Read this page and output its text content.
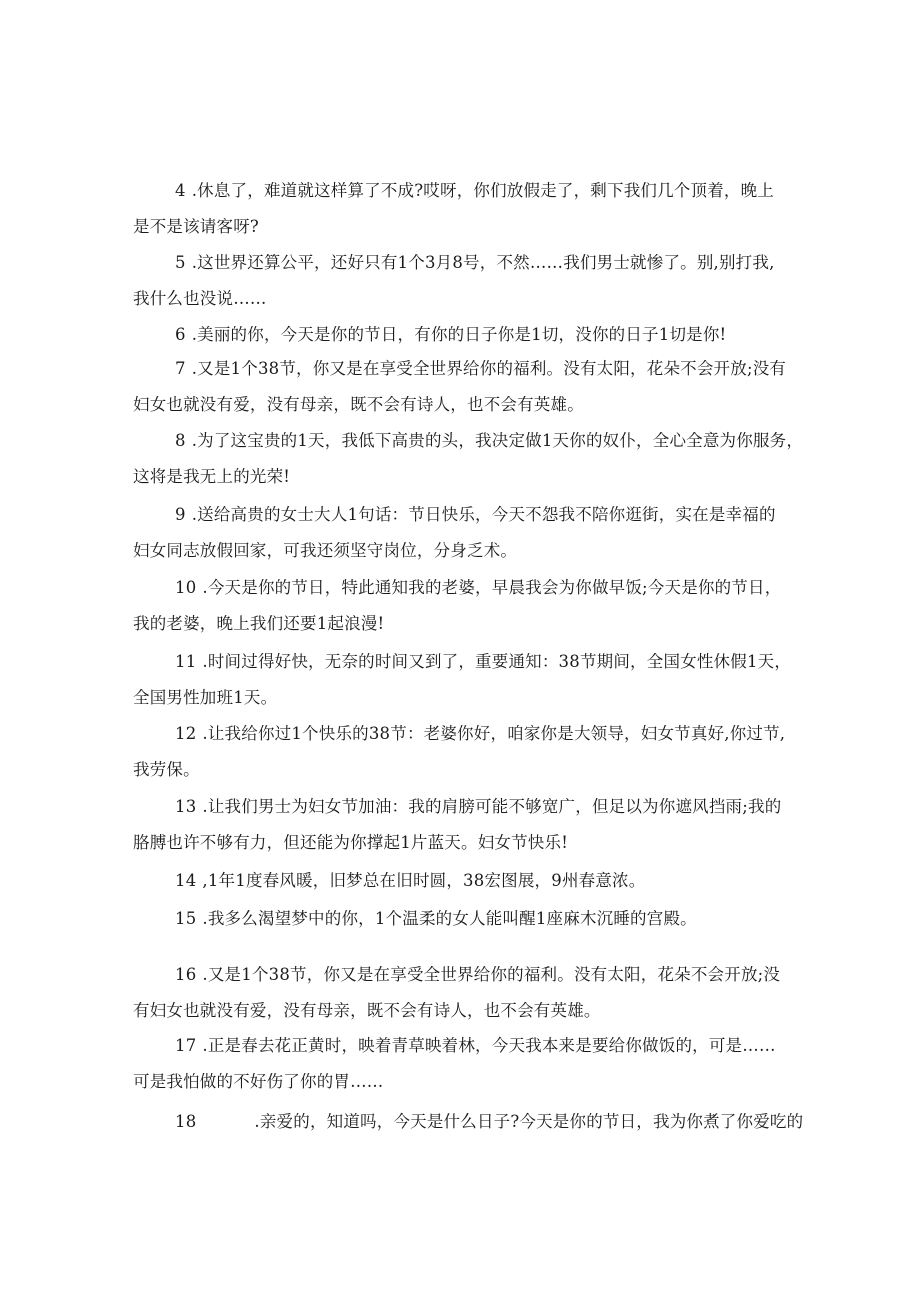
4 .休息了，难道就这样算了不成?哎呀，你们放假走了，剩下我们几个顶着，晚上
是不是该请客呀?

5 .这世界还算公平，还好只有1个3月8号，不然……我们男士就惨了。别,别打我,
我什么也没说……

6 .美丽的你，今天是你的节日，有你的日子你是1切，没你的日子1切是你!

7 .又是1个38节，你又是在享受全世界给你的福利。没有太阳，花朵不会开放;没有
妇女也就没有爱，没有母亲，既不会有诗人，也不会有英雄。

8 .为了这宝贵的1天，我低下高贵的头，我决定做1天你的奴仆，全心全意为你服务，
这将是我无上的光荣!

9 .送给高贵的女士大人1句话：节日快乐，今天不怨我不陪你逛街，实在是幸福的
妇女同志放假回家，可我还须坚守岗位，分身乏术。

10 .今天是你的节日，特此通知我的老婆，早晨我会为你做早饭;今天是你的节日，
我的老婆，晚上我们还要1起浪漫!

11 .时间过得好快，无奈的时间又到了，重要通知：38节期间，全国女性休假1天，
全国男性加班1天。

12 .让我给你过1个快乐的38节：老婆你好，咱家你是大领导，妇女节真好,你过节,
我劳保。

13 .让我们男士为妇女节加油：我的肩膀可能不够宽广，但足以为你遮风挡雨;我的
胳膊也许不够有力，但还能为你撑起1片蓝天。妇女节快乐!

14 ,1年1度春风暖，旧梦总在旧时圆，38宏图展，9州春意浓。

15 .我多么渴望梦中的你，1个温柔的女人能叫醒1座麻木沉睡的宫殿。

16 .又是1个38节，你又是在享受全世界给你的福利。没有太阳，花朵不会开放;没
有妇女也就没有爱，没有母亲，既不会有诗人，也不会有英雄。

17 .正是春去花正黄时，映着青草映着林，今天我本来是要给你做饭的，可是……
可是我怕做的不好伤了你的胃……

18	.亲爱的，知道吗，今天是什么日子?今天是你的节日，我为你煮了你爱吃的
